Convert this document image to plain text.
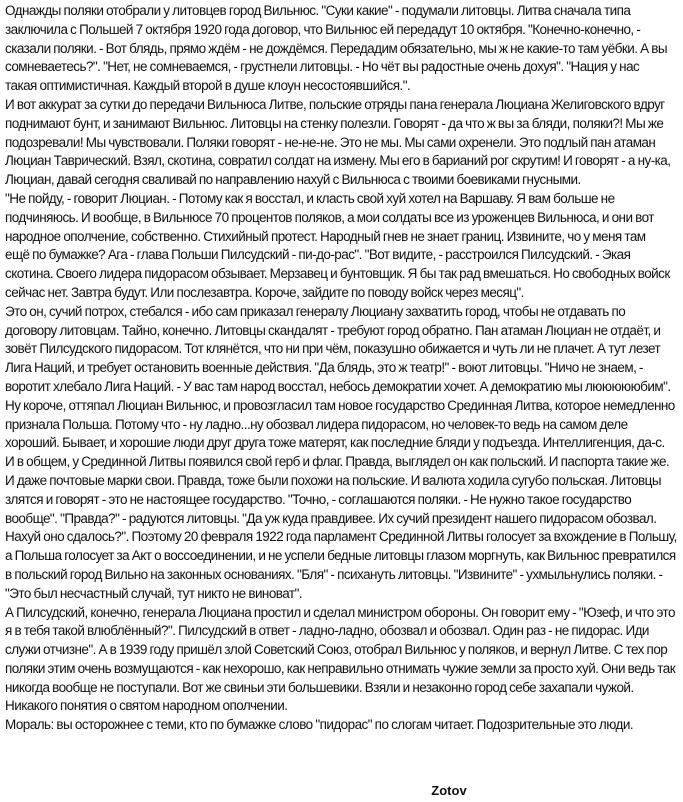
Однажды поляки отобрали у литовцев город Вильнюс. "Суки какие" - подумали литовцы. Литва сначала типа
заключила с Польшей 7 октября 1920 года договор, что Вильнюс ей передадут 10 октября. "Конечно-конечно, -
сказали поляки. - Вот блядь, прямо ждём - не дождёмся. Передадим обязательно, мы ж не какие-то там уёбки. А вы
сомневаетесь?". "Нет, не сомневаемся, - грустнели литовцы. - Но чёт вы радостные очень дохуя". "Нация у нас
такая оптимистичная. Каждый второй в душе клоун несостоявшийся.".
И вот аккурат за сутки до передачи Вильнюса Литве, польские отряды пана генерала Люциана Желиговского вдруг
поднимают бунт, и занимают Вильнюс. Литовцы на стенку полезли. Говорят - да что ж вы за бляди, поляки?! Мы же
подозревали! Мы чувствовали. Поляки говорят - не-не-не. Это не мы. Мы сами охренели. Это подлый пан атаман
Люциан Таврический. Взял, скотина, совратил солдат на измену. Мы его в барианий рог скрутим! И говорят - а ну-ка,
Люциан, давай сегодня сваливай по направлению нахуй с Вильнюса с твоими боевиками гнусными.
"Не пойду, - говорит Люциан. - Потому как я восстал, и класть свой хуй хотел на Варшаву. Я вам больше не
подчиняюсь. И вообще, в Вильнюсе 70 процентов поляков, а мои солдаты все из уроженцев Вильнюса, и они вот
народное ополчение, собственно. Стихийный протест. Народный гнев не знает границ. Извините, чо у меня там
ещё по бумажке? Ага - глава Польши Пилсудский - пи-до-рас". "Вот видите, - расстроился Пилсудский. - Экая
скотина. Своего лидера пидорасом обзывает. Мерзавец и бунтовщик. Я бы так рад вмешаться. Но свободных войск
сейчас нет. Завтра будут. Или послезавтра. Короче, зайдите по поводу войск через месяц".
Это он, сучий потрох, стебался - ибо сам приказал генералу Люциану захватить город, чтобы не отдавать по
договору литовцам. Тайно, конечно. Литовцы скандалят - требуют город обратно. Пан атаман Люциан не отдаёт, и
зовёт Пилсудского пидорасом. Тот клянётся, что ни при чём, показушно обижается и чуть ли не плачет. А тут лезет
Лига Наций, и требует остановить военные действия. "Да блядь, это ж театр!" - воют литовцы. "Ничо не знаем, -
воротит хлебало Лига Наций. - У вас там народ восстал, небось демократии хочет. А демократию мы люююююбим".
Ну короче, оттяпал Люциан Вильнюс, и провозгласил там новое государство Срединная Литва, которое немедленно
признала Польша. Потому что - ну ладно...ну обозвал лидера пидорасом, но человек-то ведь на самом деле
хороший. Бывает, и хорошие люди друг друга тоже матерят, как последние бляди у подъезда. Интеллигенция, да-с.
И в общем, у Срединной Литвы появился свой герб и флаг. Правда, выглядел он как польский. И паспорта такие же.
И даже почтовые марки свои. Правда, тоже были похожи на польские. И валюта ходила сугубо польская. Литовцы
злятся и говорят - это не настоящее государство. "Точно, - соглашаются поляки. - Не нужно такое государство
вообще". "Правда?" - радуются литовцы. "Да уж куда правдивее. Их сучий президент нашего пидорасом обозвал.
Нахуй оно сдалось?". Поэтому 20 февраля 1922 года парламент Срединной Литвы голосует за вхождение в Польшу,
а Польша голосует за Акт о воссоединении, и не успели бедные литовцы глазом моргнуть, как Вильнюс превратился
в польский город Вильно на законных основаниях. "Бля" - психануть литовцы. "Извините" - ухмыльнулись поляки. -
"Это был несчастный случай, тут никто не виноват".
А Пилсудский, конечно, генерала Люциана простил и сделал министром обороны. Он говорит ему - "Юзеф, и что это
я в тебя такой влюблённый?". Пилсудский в ответ - ладно-ладно, обозвал и обозвал. Один раз - не пидорас. Иди
служи отчизне". А в 1939 году пришёл злой Советский Союз, отобрал Вильнюс у поляков, и вернул Литве. С тех пор
поляки этим очень возмущаются - как нехорошо, как неправильно отнимать чужие земли за просто хуй. Они ведь так
никогда вообще не поступали. Вот же свиньи эти большевики. Взяли и незаконно город себе захапали чужой.
Никакого понятия о святом народном ополчении.
Мораль: вы осторожнее с теми, кто по бумажке слово "пидорас" по слогам читает. Подозрительные это люди.
Zotov
